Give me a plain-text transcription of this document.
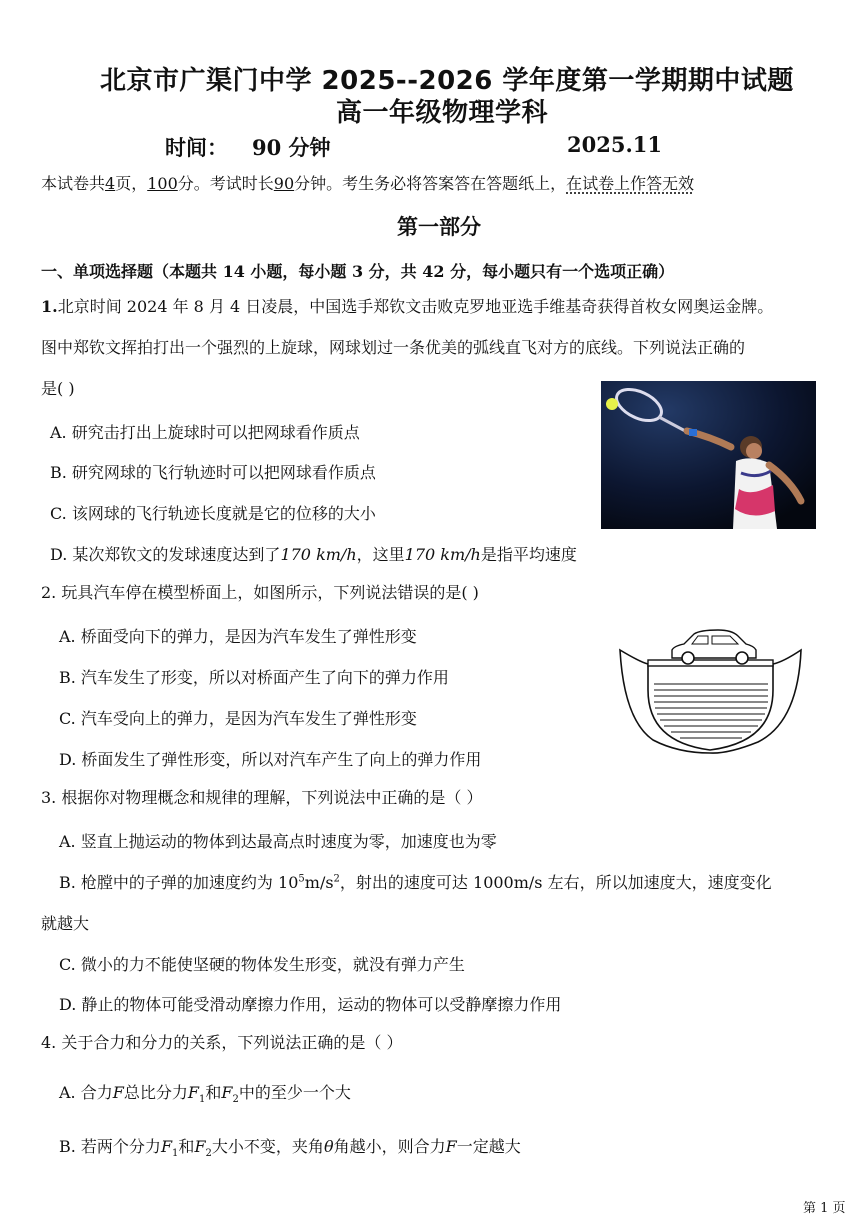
北京市广渠门中学 2025--2026 学年度第一学期期中试题
高一年级物理学科
时间： 90 分钟	2025.11
本试卷共4页，100分。考试时长90分钟。考生务必将答案答在答题纸上，在试卷上作答无效
第一部分
一、单项选择题（本题共 14 小题，每小题 3 分，共 42 分，每小题只有一个选项正确）
1.北京时间 2024 年 8 月 4 日凌晨，中国选手郑钦文击败克罗地亚选手维基奇获得首枚女网奥运金牌。
图中郑钦文挥拍打出一个强烈的上旋球，网球划过一条优美的弧线直飞对方的底线。下列说法正确的
是( )
A. 研究击打出上旋球时可以把网球看作质点
B. 研究网球的飞行轨迹时可以把网球看作质点
C. 该网球的飞行轨迹长度就是它的位移的大小
D. 某次郑钦文的发球速度达到了170 km/h，这里170 km/h是指平均速度
2. 玩具汽车停在模型桥面上，如图所示，下列说法错误的是( )
A. 桥面受向下的弹力，是因为汽车发生了弹性形变
B. 汽车发生了形变，所以对桥面产生了向下的弹力作用
C. 汽车受向上的弹力，是因为汽车发生了弹性形变
D. 桥面发生了弹性形变，所以对汽车产生了向上的弹力作用
3. 根据你对物理概念和规律的理解，下列说法中正确的是（ ）
A. 竖直上抛运动的物体到达最高点时速度为零，加速度也为零
B. 枪膛中的子弹的加速度约为 $10^5m/s^2$，射出的速度可达 1000m/s 左右，所以加速度大，速度变化
就越大
C. 微小的力不能使坚硬的物体发生形变，就没有弹力产生
D. 静止的物体可能受滑动摩擦力作用，运动的物体可以受静摩擦力作用
4. 关于合力和分力的关系，下列说法正确的是（ ）
A. 合力F总比分力$F_1$和$F_2$中的至少一个大
B. 若两个分力$F_1$和$F_2$大小不变，夹角θ角越小，则合力F一定越大
第 1 页
